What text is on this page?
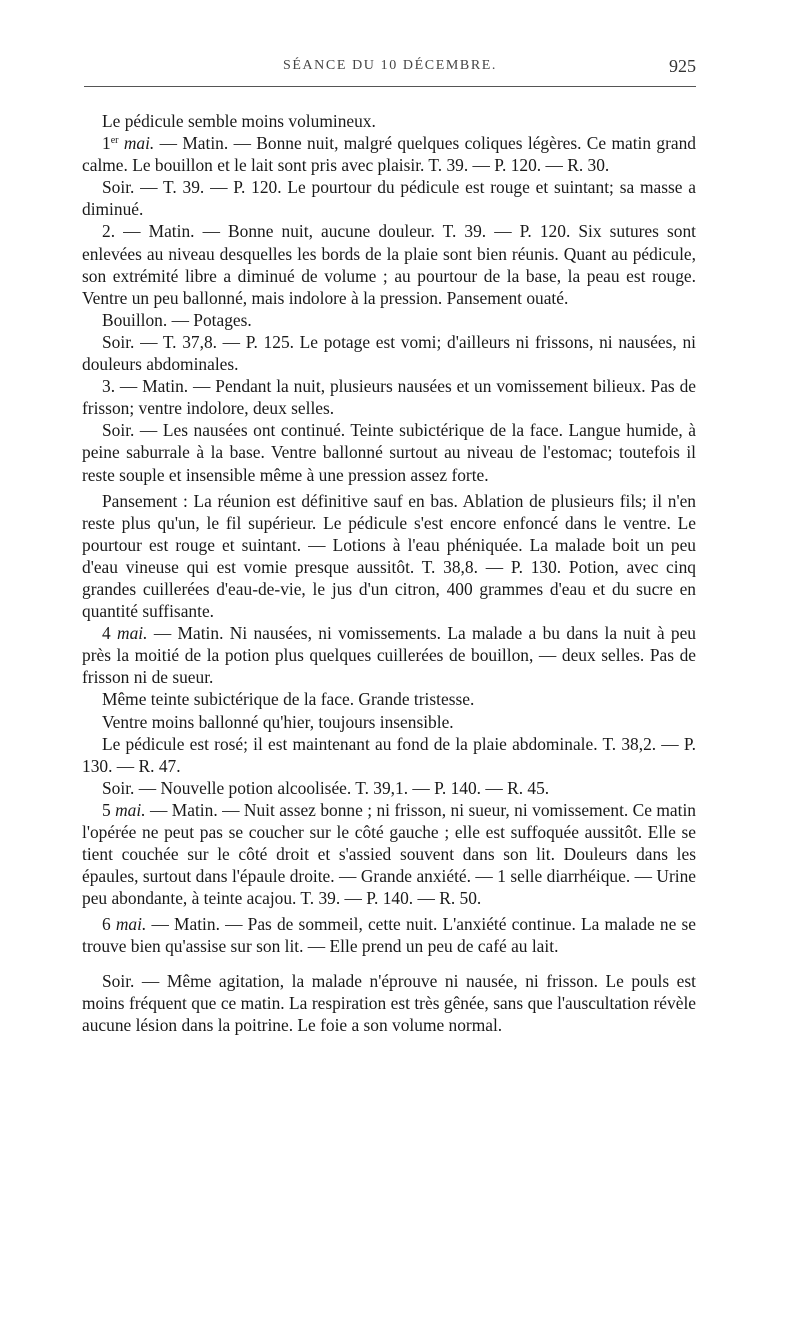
SÉANCE DU 10 DÉCEMBRE.	925

Le pédicule semble moins volumineux.

1er mai. — Matin. — Bonne nuit, malgré quelques coliques légères. Ce matin grand calme. Le bouillon et le lait sont pris avec plaisir. T. 39. — P. 120. — R. 30.

Soir. — T. 39. — P. 120. Le pourtour du pédicule est rouge et suintant; sa masse a diminué.

2. — Matin. — Bonne nuit, aucune douleur. T. 39. — P. 120. Six sutures sont enlevées au niveau desquelles les bords de la plaie sont bien réunis. Quant au pédicule, son extrémité libre a diminué de volume ; au pourtour de la base, la peau est rouge. Ventre un peu ballonné, mais indolore à la pression. Pansement ouaté.

Bouillon. — Potages.

Soir. — T. 37,8. — P. 125. Le potage est vomi; d'ailleurs ni frissons, ni nausées, ni douleurs abdominales.

3. — Matin. — Pendant la nuit, plusieurs nausées et un vomissement bilieux. Pas de frisson; ventre indolore, deux selles.

Soir. — Les nausées ont continué. Teinte subictérique de la face. Langue humide, à peine saburrale à la base. Ventre ballonné surtout au niveau de l'estomac; toutefois il reste souple et insensible même à une pression assez forte.

Pansement : La réunion est définitive sauf en bas. Ablation de plusieurs fils; il n'en reste plus qu'un, le fil supérieur. Le pédicule s'est encore enfoncé dans le ventre. Le pourtour est rouge et suintant. — Lotions à l'eau phéniquée. La malade boit un peu d'eau vineuse qui est vomie presque aussitôt. T. 38,8. — P. 130. Potion, avec cinq grandes cuillerées d'eau-de-vie, le jus d'un citron, 400 grammes d'eau et du sucre en quantité suffisante.

4 mai. — Matin. Ni nausées, ni vomissements. La malade a bu dans la nuit à peu près la moitié de la potion plus quelques cuillerées de bouillon, — deux selles. Pas de frisson ni de sueur.

Même teinte subictérique de la face. Grande tristesse.

Ventre moins ballonné qu'hier, toujours insensible.

Le pédicule est rosé; il est maintenant au fond de la plaie abdominale. T. 38,2. — P. 130. — R. 47.

Soir. — Nouvelle potion alcoolisée. T. 39,1. — P. 140. — R. 45.

5 mai. — Matin. — Nuit assez bonne ; ni frisson, ni sueur, ni vomissement. Ce matin l'opérée ne peut pas se coucher sur le côté gauche ; elle est suffoquée aussitôt. Elle se tient couchée sur le côté droit et s'assied souvent dans son lit. Douleurs dans les épaules, surtout dans l'épaule droite. — Grande anxiété. — 1 selle diarrhéique. — Urine peu abondante, à teinte acajou. T. 39. — P. 140. — R. 50.

6 mai. — Matin. — Pas de sommeil, cette nuit. L'anxiété continue. La malade ne se trouve bien qu'assise sur son lit. — Elle prend un peu de café au lait.

Soir. — Même agitation, la malade n'éprouve ni nausée, ni frisson. Le pouls est moins fréquent que ce matin. La respiration est très gênée, sans que l'auscultation révèle aucune lésion dans la poitrine. Le foie a son volume normal.
